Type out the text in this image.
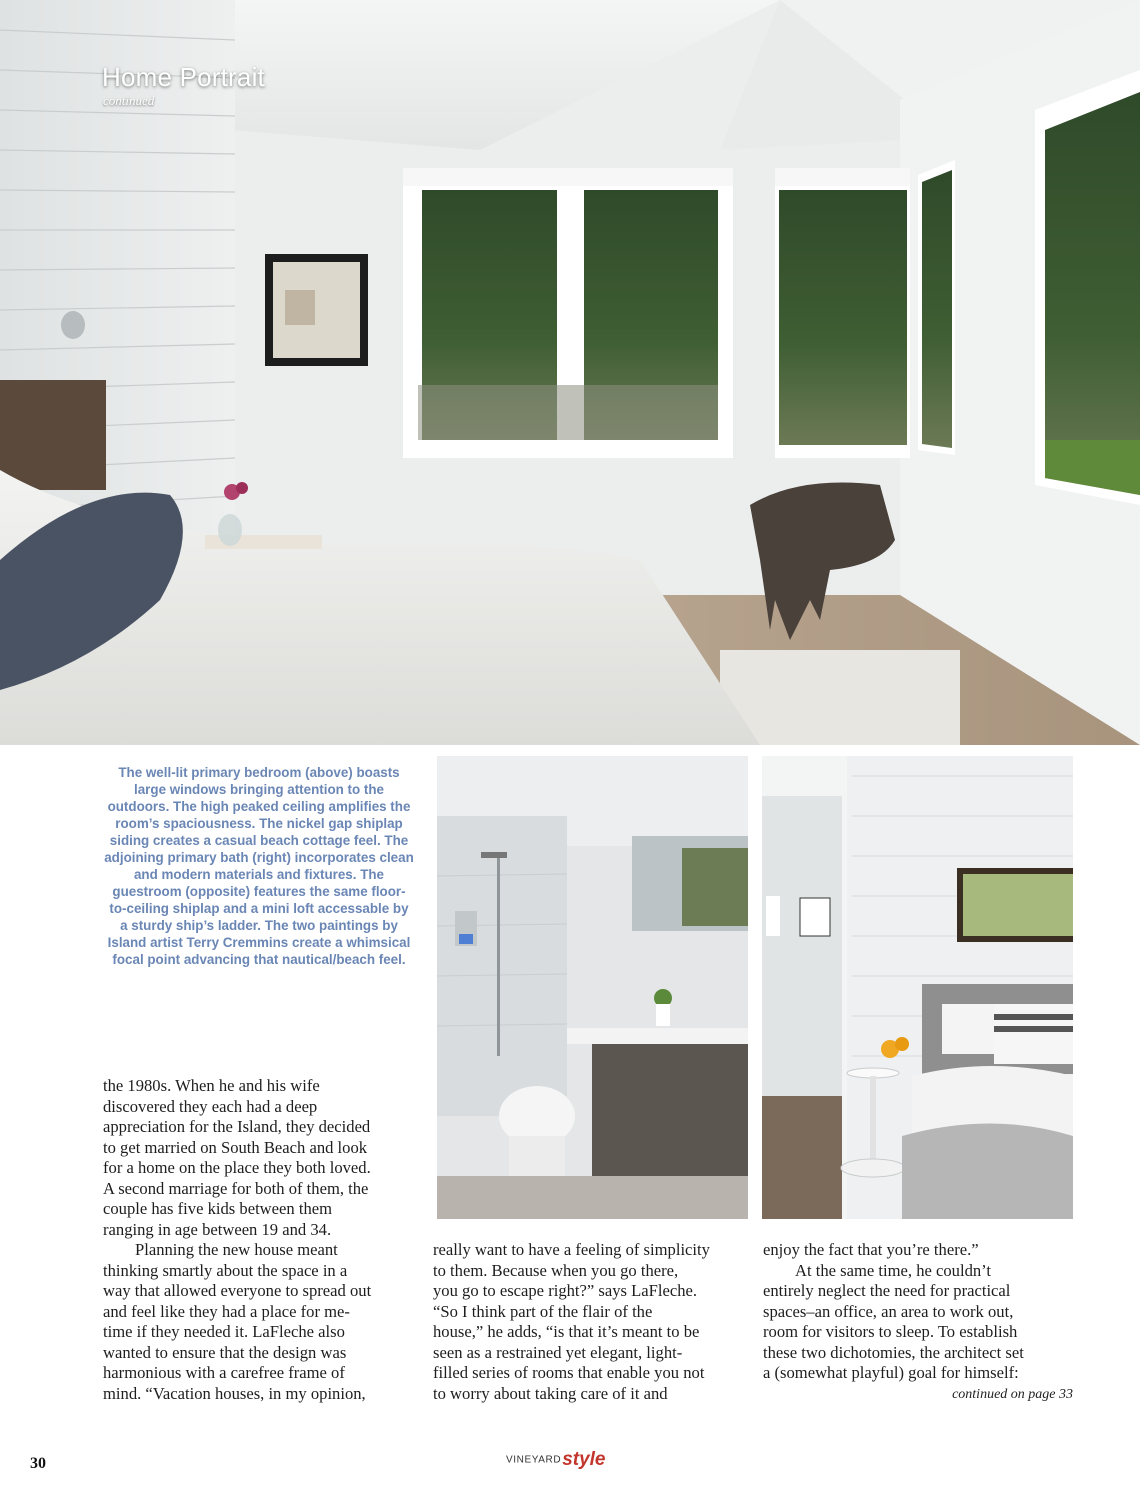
Home Portrait
continued

The well-lit primary bedroom (above) boasts large windows bringing attention to the outdoors. The high peaked ceiling amplifies the room’s spaciousness. The nickel gap shiplap siding creates a casual beach cottage feel. The adjoining primary bath (right) incorporates clean and modern materials and fixtures. The guestroom (opposite) features the same floor-to-ceiling shiplap and a mini loft accessable by a sturdy ship’s ladder. The two paintings by Island artist Terry Cremmins create a whimsical focal point advancing that nautical/beach feel.

the 1980s. When he and his wife
discovered they each had a deep
appreciation for the Island, they decided
to get married on South Beach and look
for a home on the place they both loved.
A second marriage for both of them, the
couple has five kids between them
ranging in age between 19 and 34.

Planning the new house meant
thinking smartly about the space in a
way that allowed everyone to spread out
and feel like they had a place for me-
time if they needed it. LaFleche also
wanted to ensure that the design was
harmonious with a carefree frame of
mind. “Vacation houses, in my opinion,

really want to have a feeling of simplicity
to them. Because when you go there,
you go to escape right?” says LaFleche.
“So I think part of the flair of the
house,” he adds, “is that it’s meant to be
seen as a restrained yet elegant, light-
filled series of rooms that enable you not
to worry about taking care of it and

enjoy the fact that you’re there.”

At the same time, he couldn’t
entirely neglect the need for practical
spaces–an office, an area to work out,
room for visitors to sleep. To establish
these two dichotomies, the architect set
a (somewhat playful) goal for himself:

continued on page 33
30	VINEYARDstyle
